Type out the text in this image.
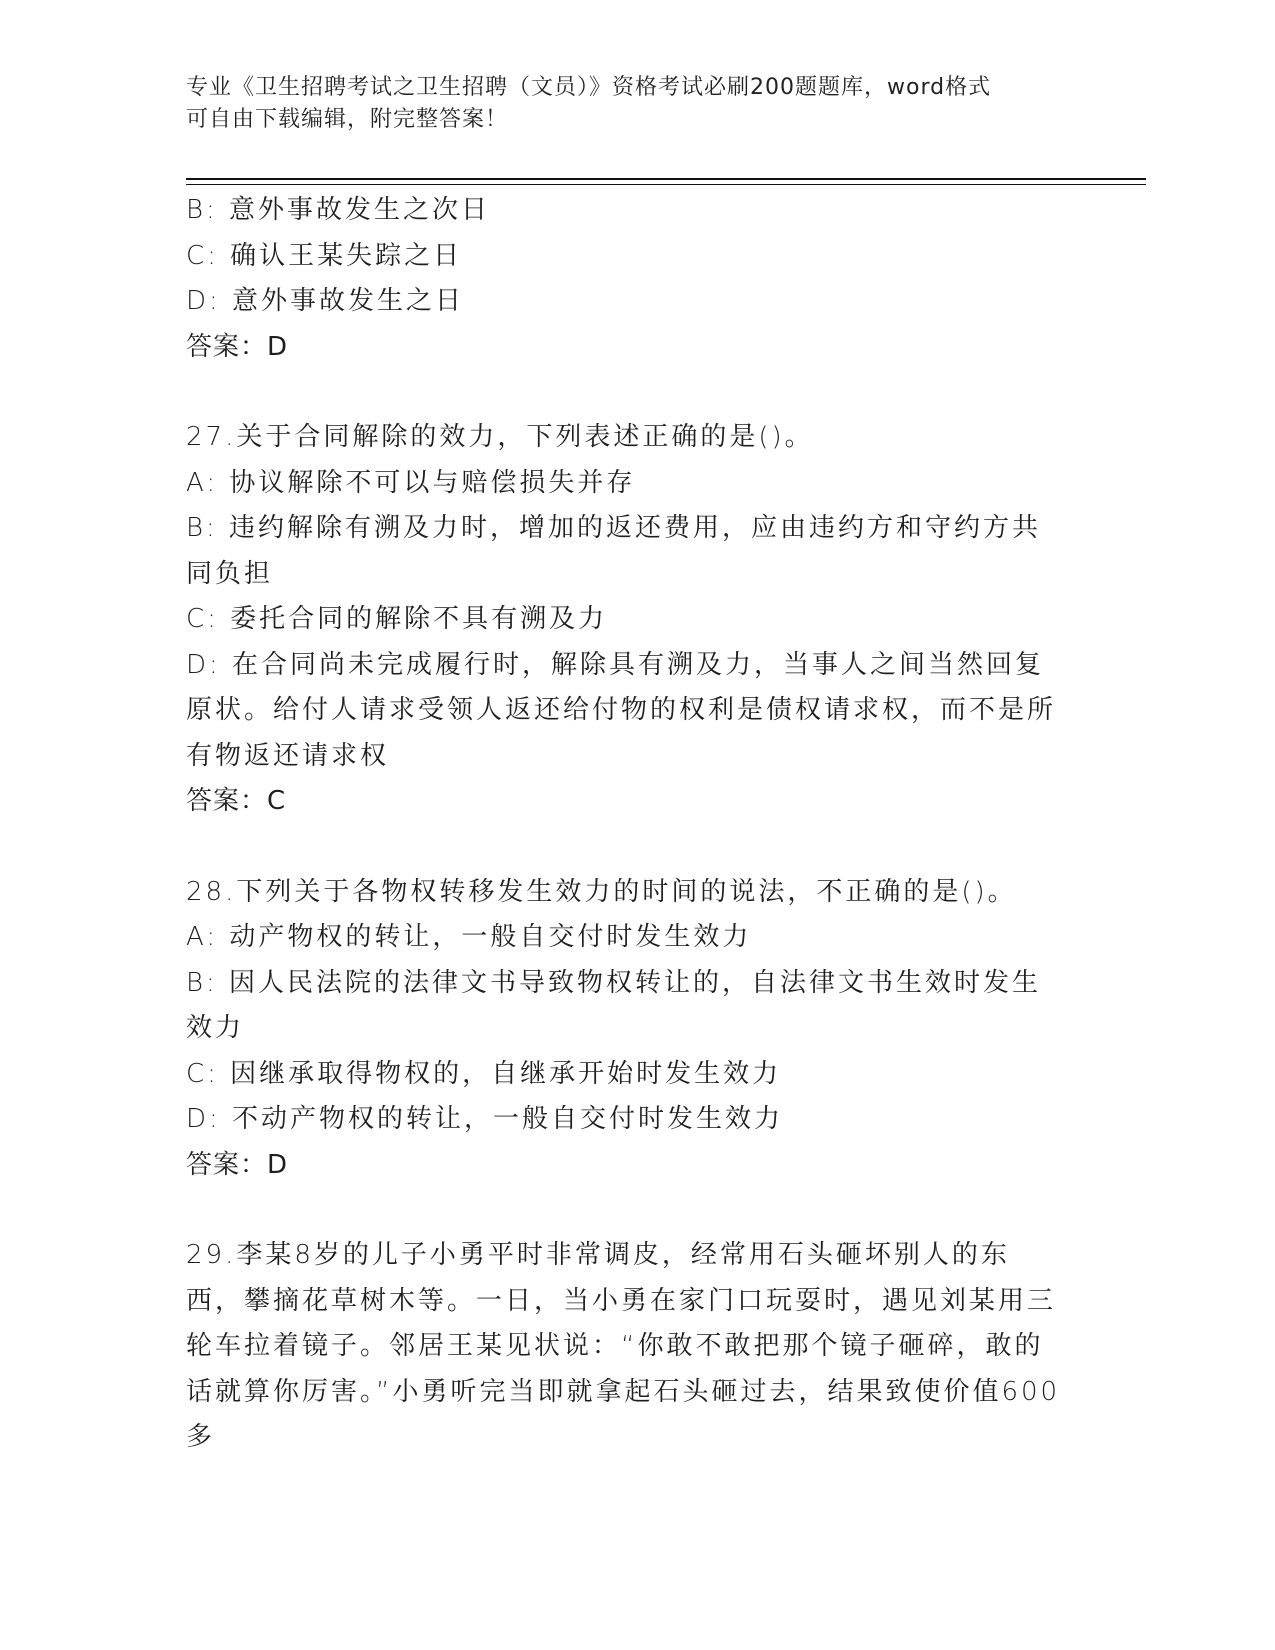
专业《卫生招聘考试之卫生招聘（文员）》资格考试必刷200题题库，word格式
可自由下载编辑，附完整答案！

B: 意外事故发生之次日

C: 确认王某失踪之日

D: 意外事故发生之日

答案：D

27.关于合同解除的效力，下列表述正确的是()。

A: 协议解除不可以与赔偿损失并存

B: 违约解除有溯及力时，增加的返还费用，应由违约方和守约方共同负担

C: 委托合同的解除不具有溯及力

D: 在合同尚未完成履行时，解除具有溯及力，当事人之间当然回复原状。给付人请求受领人返还给付物的权利是债权请求权，而不是所有物返还请求权

答案：C

28.下列关于各物权转移发生效力的时间的说法，不正确的是()。

A: 动产物权的转让，一般自交付时发生效力

B: 因人民法院的法律文书导致物权转让的，自法律文书生效时发生效力

C: 因继承取得物权的，自继承开始时发生效力

D: 不动产物权的转让，一般自交付时发生效力

答案：D

29.李某8岁的儿子小勇平时非常调皮，经常用石头砸坏别人的东西，攀摘花草树木等。一日，当小勇在家门口玩耍时，遇见刘某用三轮车拉着镜子。邻居王某见状说：“你敢不敢把那个镜子砸碎，敢的话就算你厉害。”小勇听完当即就拿起石头砸过去，结果致使价值600多
